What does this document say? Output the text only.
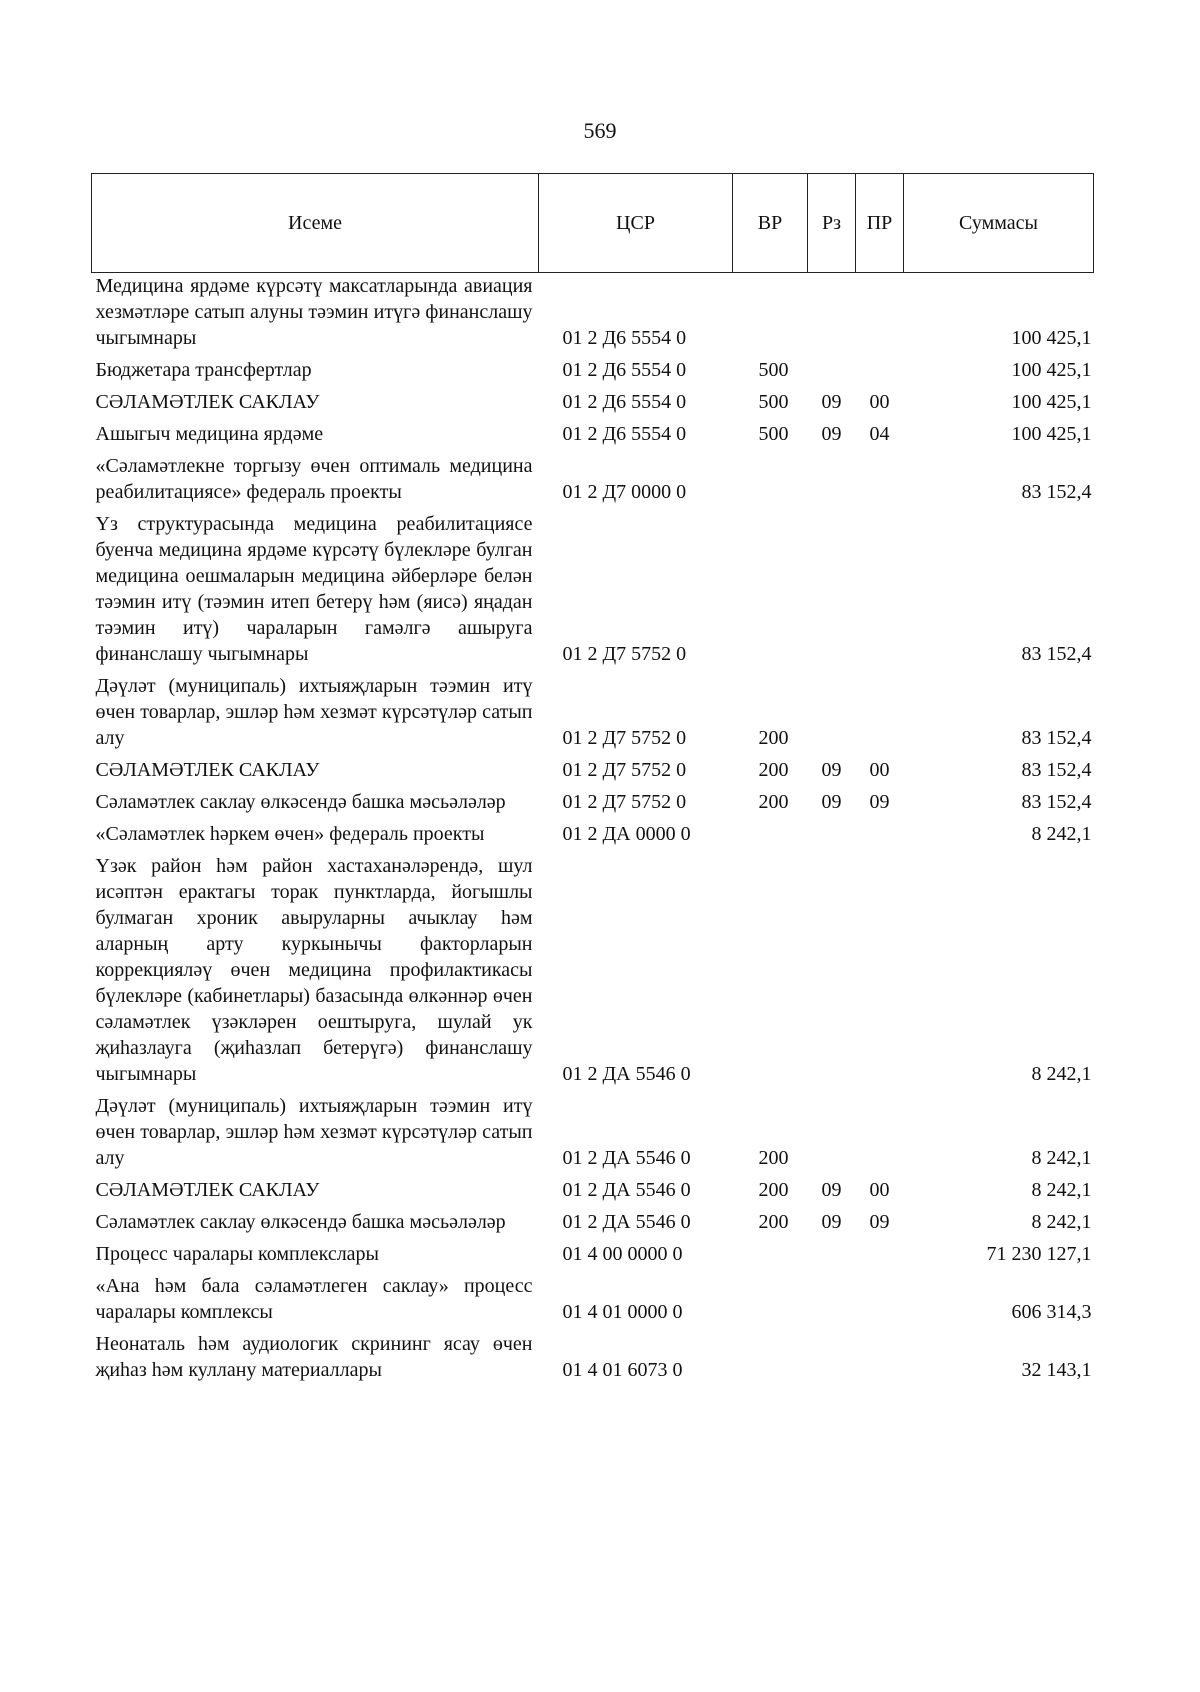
569
Исеме	ЦСР	ВР	Рз	ПР	Суммасы
Медицина ярдәме күрсәтү максатларында авиация хезмәтләре сатып алуны тәэмин итүгә финанслашу чыгымнары	01 2 Д6 5554 0				100 425,1
Бюджетара трансфертлар	01 2 Д6 5554 0	500			100 425,1
СӘЛАМӘТЛЕК САКЛАУ	01 2 Д6 5554 0	500	09	00	100 425,1
Ашыгыч медицина ярдәме	01 2 Д6 5554 0	500	09	04	100 425,1
«Сәламәтлекне торгызу өчен оптималь медицина реабилитациясе» федераль проекты	01 2 Д7 0000 0				83 152,4
Үз структурасында медицина реабилитациясе буенча медицина ярдәме күрсәтү бүлекләре булган медицина оешмаларын медицина әйберләре белән тәэмин итү (тәэмин итеп бетерү һәм (яисә) яңадан тәэмин итү) чараларын гамәлгә ашыруга финанслашу чыгымнары	01 2 Д7 5752 0				83 152,4
Дәүләт (муниципаль) ихтыяҗларын тәэмин итү өчен товарлар, эшләр һәм хезмәт күрсәтүләр сатып алу	01 2 Д7 5752 0	200			83 152,4
СӘЛАМӘТЛЕК САКЛАУ	01 2 Д7 5752 0	200	09	00	83 152,4
Сәламәтлек саклау өлкәсендә башка мәсьәләләр	01 2 Д7 5752 0	200	09	09	83 152,4
«Сәламәтлек һәркем өчен» федераль проекты	01 2 ДА 0000 0				8 242,1
Үзәк район һәм район хастаханәләрендә, шул исәптән ерактагы торак пунктларда, йогышлы булмаган хроник авыруларны ачыклау һәм аларның арту куркынычы факторларын коррекцияләү өчен медицина профилактикасы бүлекләре (кабинетлары) базасында өлкәннәр өчен сәламәтлек үзәкләрен оештыруга, шулай ук җиһазлауга (җиһазлап бетерүгә) финанслашу чыгымнары	01 2 ДА 5546 0				8 242,1
Дәүләт (муниципаль) ихтыяҗларын тәэмин итү өчен товарлар, эшләр һәм хезмәт күрсәтүләр сатып алу	01 2 ДА 5546 0	200			8 242,1
СӘЛАМӘТЛЕК САКЛАУ	01 2 ДА 5546 0	200	09	00	8 242,1
Сәламәтлек саклау өлкәсендә башка мәсьәләләр	01 2 ДА 5546 0	200	09	09	8 242,1
Процесс чаралары комплекслары	01 4 00 0000 0				71 230 127,1
«Ана һәм бала сәламәтлеген саклау» процесс чаралары комплексы	01 4 01 0000 0				606 314,3
Неонаталь һәм аудиологик скрининг ясау өчен җиһаз һәм куллану материаллары	01 4 01 6073 0				32 143,1
